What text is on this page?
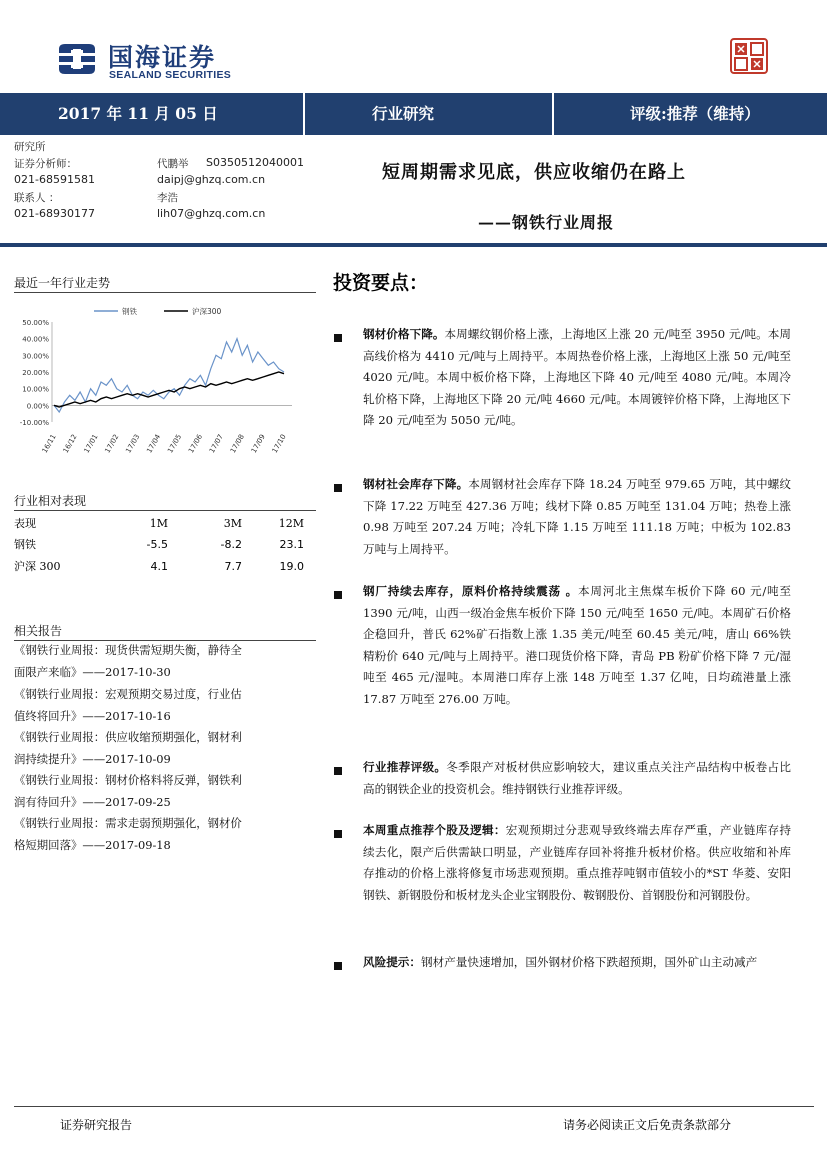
国海证券
SEALAND SECURITIES
2017 年 11 月 05 日	行业研究	评级:推荐（维持）
研究所
证券分析师：	代鹏举 S0350512040001
021-68591581	daipj@ghzq.com.cn
联系人 ：	李浩
021-68930177	lih07@ghzq.com.cn
短周期需求见底，供应收缩仍在路上
——钢铁行业周报
最近一年行业走势
50.00%
40.00%
30.00%
20.00%
10.00%
0.00%
-10.00%
16/11 16/12 17/01 17/02 17/03 17/04 17/05 17/06 17/07 17/08 17/09 17/10
钢铁	沪深300
行业相对表现
表现	1M	3M	12M
钢铁	-5.5	-8.2	23.1
沪深 300	4.1	7.7	19.0
相关报告
《钢铁行业周报：现货供需短期失衡，静待全
面限产来临》——2017-10-30
《钢铁行业周报：宏观预期交易过度，行业估
值终将回升》——2017-10-16
《钢铁行业周报：供应收缩预期强化，钢材利
润持续提升》——2017-10-09
《钢铁行业周报：钢材价格料将反弹，钢铁利
润有待回升》——2017-09-25
《钢铁行业周报：需求走弱预期强化，钢材价
格短期回落》——2017-09-18
投资要点：
钢材价格下降。本周螺纹钢价格上涨，上海地区上涨 20 元/吨至 3950 元/吨。本周高线价格为 4410 元/吨与上周持平。本周热卷价格上涨，上海地区上涨 50 元/吨至 4020 元/吨。本周中板价格下降，上海地区下降 40 元/吨至 4080 元/吨。本周冷轧价格下降，上海地区下降 20 元/吨 4660 元/吨。本周镀锌价格下降，上海地区下降 20 元/吨至为 5050 元/吨。
钢材社会库存下降。本周钢材社会库存下降 18.24 万吨至 979.65 万吨，其中螺纹下降 17.22 万吨至 427.36 万吨；线材下降 0.85 万吨至 131.04 万吨；热卷上涨 0.98 万吨至 207.24 万吨；冷轧下降 1.15 万吨至 111.18 万吨；中板为 102.83 万吨与上周持平。
钢厂持续去库存，原料价格持续震荡 。本周河北主焦煤车板价下降 60 元/吨至 1390 元/吨，山西一级冶金焦车板价下降 150 元/吨至 1650 元/吨。本周矿石价格企稳回升，普氏 62%矿石指数上涨 1.35 美元/吨至 60.45 美元/吨，唐山 66%铁精粉价 640 元/吨与上周持平。港口现货价格下降，青岛 PB 粉矿价格下降 7 元/湿吨至 465 元/湿吨。本周港口库存上涨 148 万吨至 1.37 亿吨，日均疏港量上涨 17.87 万吨至 276.00 万吨。
行业推荐评级。冬季限产对板材供应影响较大，建议重点关注产品结构中板卷占比高的钢铁企业的投资机会。维持钢铁行业推荐评级。
本周重点推荐个股及逻辑：宏观预期过分悲观导致终端去库存严重，产业链库存持续去化，限产后供需缺口明显，产业链库存回补将推升板材价格。供应收缩和补库存推动的价格上涨将修复市场悲观预期。重点推荐吨钢市值较小的*ST 华菱、安阳钢铁、新钢股份和板材龙头企业宝钢股份、鞍钢股份、首钢股份和河钢股份。
风险提示：钢材产量快速增加，国外钢材价格下跌超预期，国外矿山主动减产
证券研究报告	请务必阅读正文后免责条款部分
